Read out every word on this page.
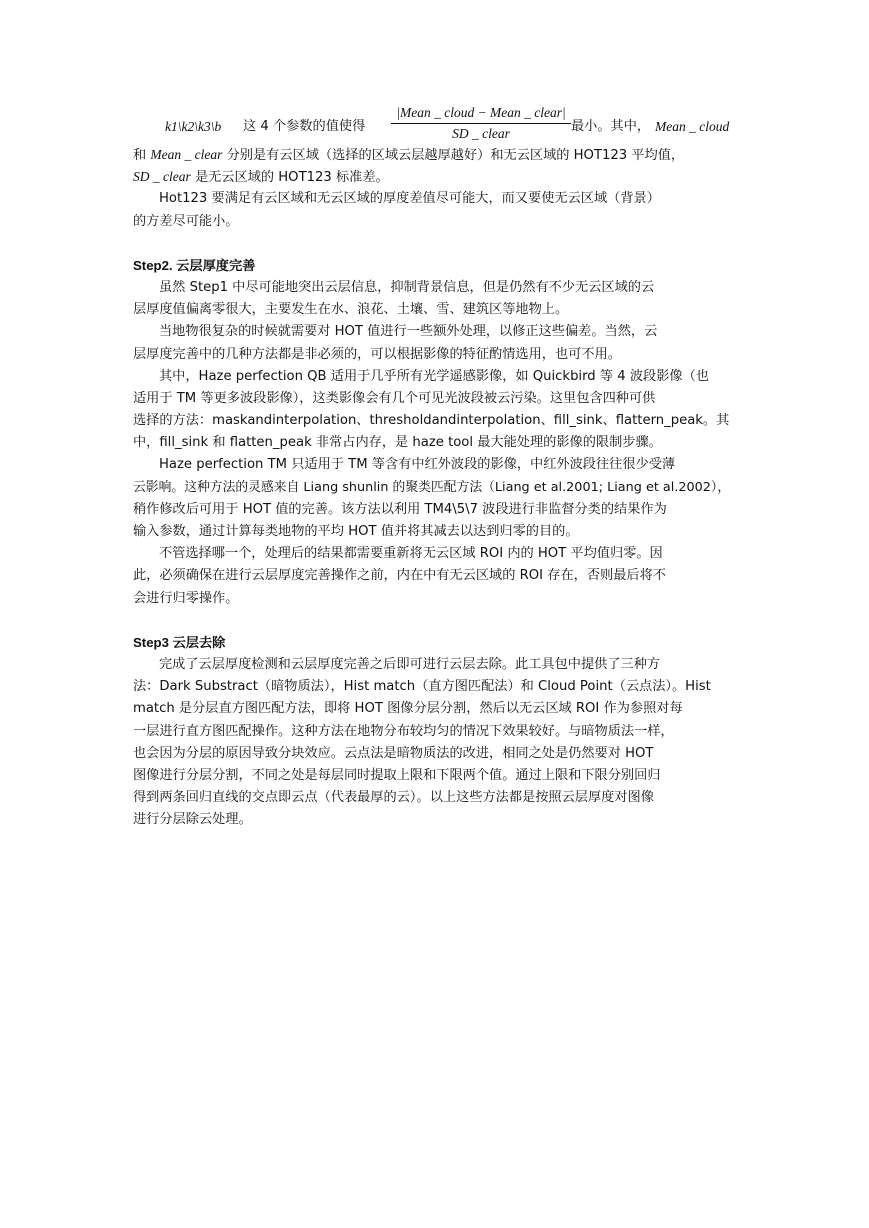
k1\k2\k3\b 这 4 个参数的值使得
|Mean _ cloud − Mean _ clear|
SD _ clear	最小。其中， Mean _ cloud
和 Mean _ clear 分别是有云区域（选择的区域云层越厚越好）和无云区域的 HOT123 平均值，
SD _ clear 是无云区域的 HOT123 标准差。
Hot123 要满足有云区域和无云区域的厚度差值尽可能大，而又要使无云区域（背景）
的方差尽可能小。
Step2. 云层厚度完善
虽然 Step1 中尽可能地突出云层信息，抑制背景信息，但是仍然有不少无云区域的云
层厚度值偏离零很大，主要发生在水、浪花、土壤、雪、建筑区等地物上。
当地物很复杂的时候就需要对 HOT 值进行一些额外处理，以修正这些偏差。当然，云
层厚度完善中的几种方法都是非必须的，可以根据影像的特征酌情选用，也可不用。
其中，Haze perfection QB 适用于几乎所有光学遥感影像，如 Quickbird 等 4 波段影像（也
适用于 TM 等更多波段影像），这类影像会有几个可见光波段被云污染。这里包含四种可供
选择的方法：maskandinterpolation、thresholdandinterpolation、fill_sink、flattern_peak。其
中，fill_sink 和 flatten_peak 非常占内存，是 haze tool 最大能处理的影像的限制步骤。
Haze perfection TM 只适用于 TM 等含有中红外波段的影像，中红外波段往往很少受薄
云影响。这种方法的灵感来自 Liang shunlin 的聚类匹配方法（Liang et al.2001; Liang et al.2002），
稍作修改后可用于 HOT 值的完善。该方法以利用 TM4\5\7 波段进行非监督分类的结果作为
输入参数，通过计算每类地物的平均 HOT 值并将其减去以达到归零的目的。
不管选择哪一个，处理后的结果都需要重新将无云区域 ROI 内的 HOT 平均值归零。因
此，必须确保在进行云层厚度完善操作之前，内在中有无云区域的 ROI 存在，否则最后将不
会进行归零操作。
Step3 云层去除
完成了云层厚度检测和云层厚度完善之后即可进行云层去除。此工具包中提供了三种方
法：Dark Substract（暗物质法），Hist match（直方图匹配法）和 Cloud Point（云点法）。Hist
match 是分层直方图匹配方法，即将 HOT 图像分层分割，然后以无云区域 ROI 作为参照对每
一层进行直方图匹配操作。这种方法在地物分布较均匀的情况下效果较好。与暗物质法一样，
也会因为分层的原因导致分块效应。云点法是暗物质法的改进，相同之处是仍然要对 HOT
图像进行分层分割，不同之处是每层同时提取上限和下限两个值。通过上限和下限分别回归
得到两条回归直线的交点即云点（代表最厚的云）。以上这些方法都是按照云层厚度对图像
进行分层除云处理。
